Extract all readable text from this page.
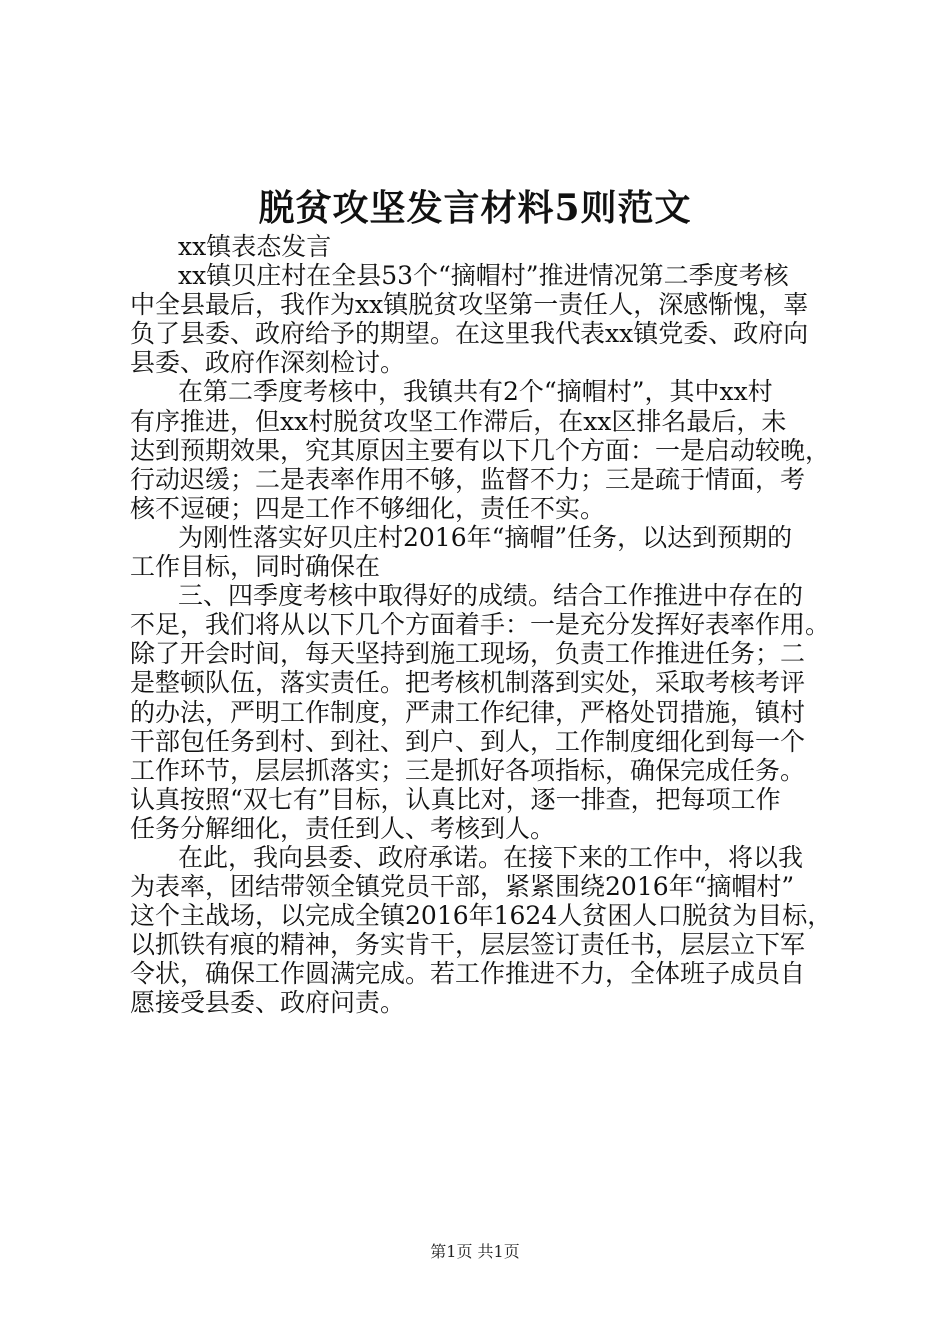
脱贫攻坚发言材料5则范文
xx镇表态发言
xx镇贝庄村在全县53个“摘帽村”推进情况第二季度考核
中全县最后，我作为xx镇脱贫攻坚第一责任人，深感惭愧，辜
负了县委、政府给予的期望。在这里我代表xx镇党委、政府向
县委、政府作深刻检讨。
在第二季度考核中，我镇共有2个“摘帽村”，其中xx村
有序推进，但xx村脱贫攻坚工作滞后，在xx区排名最后，未
达到预期效果，究其原因主要有以下几个方面：一是启动较晚，
行动迟缓；二是表率作用不够，监督不力；三是疏于情面，考
核不逗硬；四是工作不够细化，责任不实。
为刚性落实好贝庄村2016年“摘帽”任务，以达到预期的
工作目标，同时确保在
三、四季度考核中取得好的成绩。结合工作推进中存在的
不足，我们将从以下几个方面着手：一是充分发挥好表率作用。
除了开会时间，每天坚持到施工现场，负责工作推进任务；二
是整顿队伍，落实责任。把考核机制落到实处，采取考核考评
的办法，严明工作制度，严肃工作纪律，严格处罚措施，镇村
干部包任务到村、到社、到户、到人，工作制度细化到每一个
工作环节，层层抓落实；三是抓好各项指标，确保完成任务。
认真按照“双七有”目标，认真比对，逐一排查，把每项工作
任务分解细化，责任到人、考核到人。
在此，我向县委、政府承诺。在接下来的工作中，将以我
为表率，团结带领全镇党员干部，紧紧围绕2016年“摘帽村”
这个主战场，以完成全镇2016年1624人贫困人口脱贫为目标，
以抓铁有痕的精神，务实肯干，层层签订责任书，层层立下军
令状，确保工作圆满完成。若工作推进不力，全体班子成员自
愿接受县委、政府问责。
第1页 共1页
